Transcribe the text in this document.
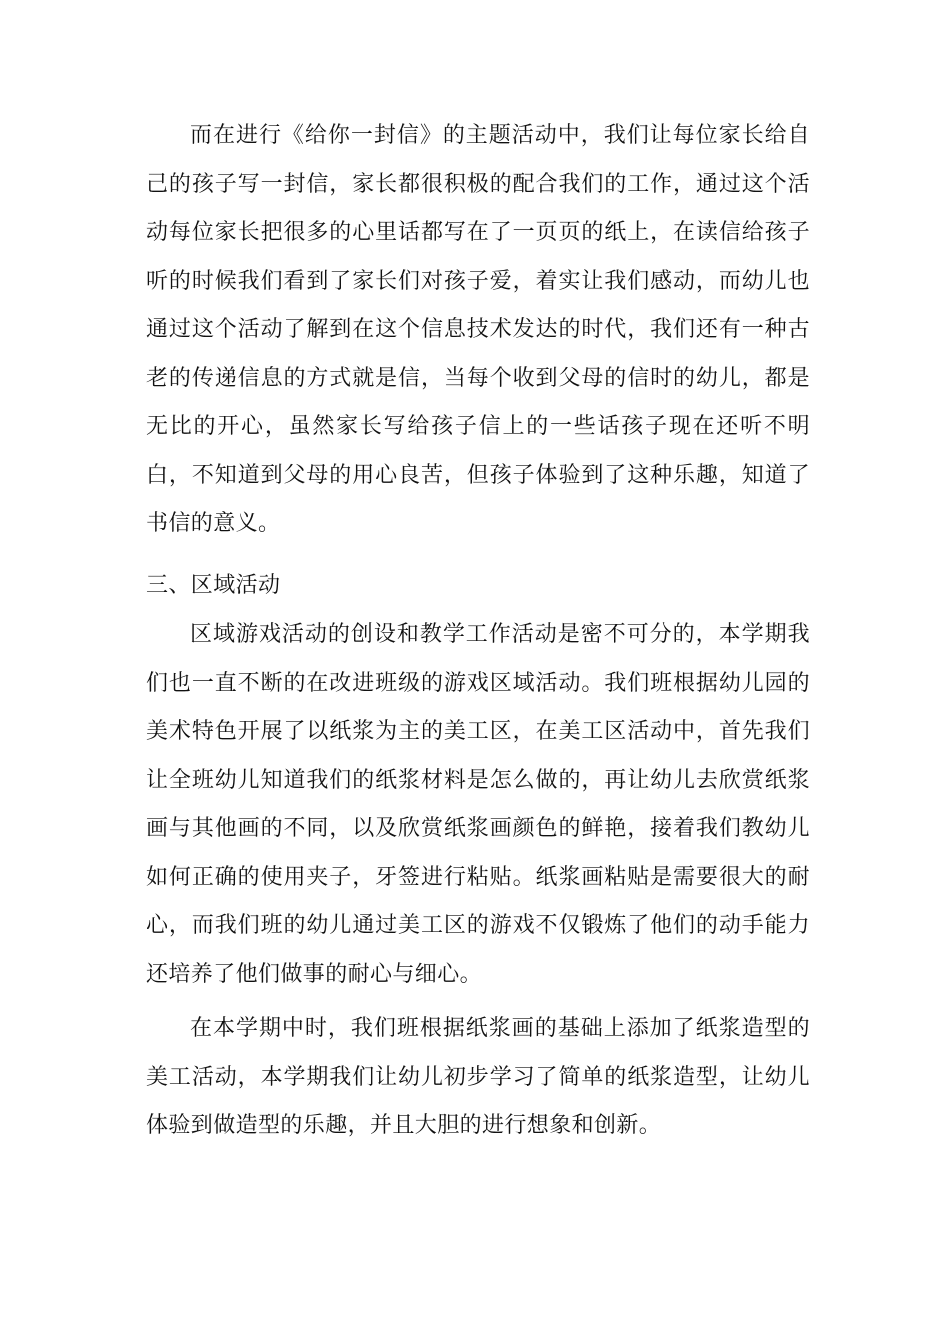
而在进行《给你一封信》的主题活动中，我们让每位家长给自己的孩子写一封信，家长都很积极的配合我们的工作，通过这个活动每位家长把很多的心里话都写在了一页页的纸上，在读信给孩子听的时候我们看到了家长们对孩子爱，着实让我们感动，而幼儿也通过这个活动了解到在这个信息技术发达的时代，我们还有一种古老的传递信息的方式就是信，当每个收到父母的信时的幼儿，都是无比的开心，虽然家长写给孩子信上的一些话孩子现在还听不明白，不知道到父母的用心良苦，但孩子体验到了这种乐趣，知道了书信的意义。

三、区域活动

区域游戏活动的创设和教学工作活动是密不可分的，本学期我们也一直不断的在改进班级的游戏区域活动。我们班根据幼儿园的美术特色开展了以纸浆为主的美工区，在美工区活动中，首先我们让全班幼儿知道我们的纸浆材料是怎么做的，再让幼儿去欣赏纸浆画与其他画的不同，以及欣赏纸浆画颜色的鲜艳，接着我们教幼儿如何正确的使用夹子，牙签进行粘贴。纸浆画粘贴是需要很大的耐心，而我们班的幼儿通过美工区的游戏不仅锻炼了他们的动手能力还培养了他们做事的耐心与细心。

在本学期中时，我们班根据纸浆画的基础上添加了纸浆造型的美工活动，本学期我们让幼儿初步学习了简单的纸浆造型，让幼儿体验到做造型的乐趣，并且大胆的进行想象和创新。
